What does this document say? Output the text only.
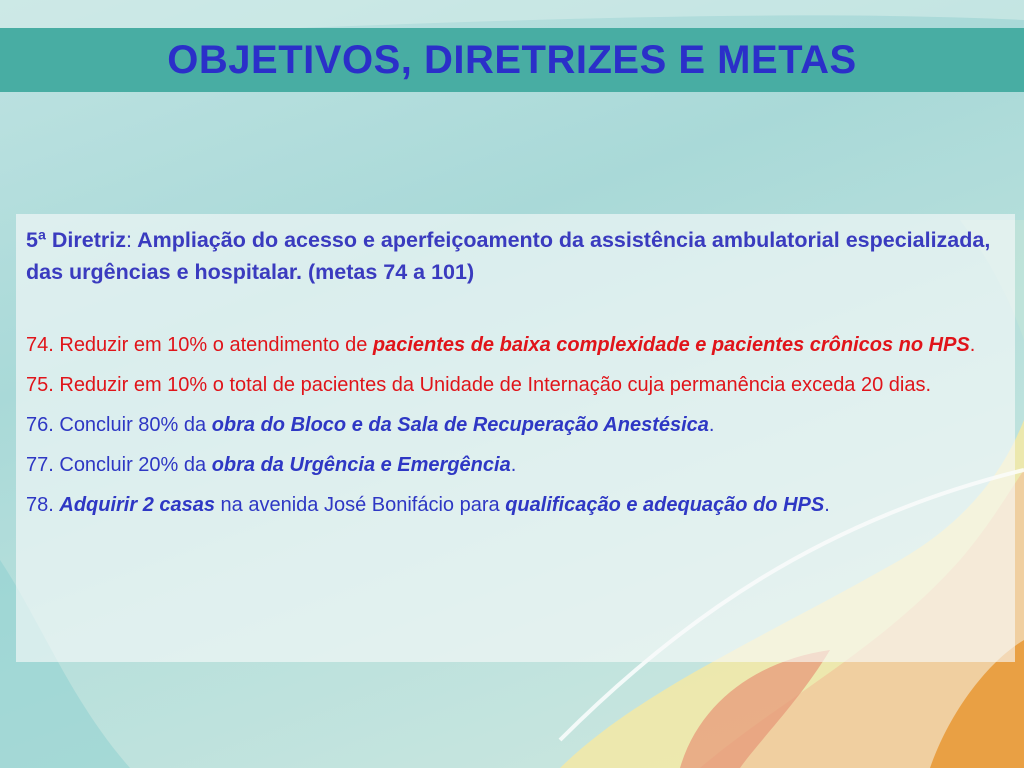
OBJETIVOS, DIRETRIZES E METAS

5ª Diretriz: Ampliação do acesso e aperfeiçoamento da assistência ambulatorial especializada, das urgências e hospitalar. (metas 74 a 101)

74. Reduzir em 10% o atendimento de pacientes de baixa complexidade e pacientes crônicos no HPS.

75. Reduzir em 10% o total de pacientes da Unidade de Internação cuja permanência exceda 20 dias.

76. Concluir 80% da obra do Bloco e da Sala de Recuperação Anestésica.

77. Concluir 20% da obra da Urgência e Emergência.

78. Adquirir 2 casas na avenida José Bonifácio para qualificação e adequação do HPS.
